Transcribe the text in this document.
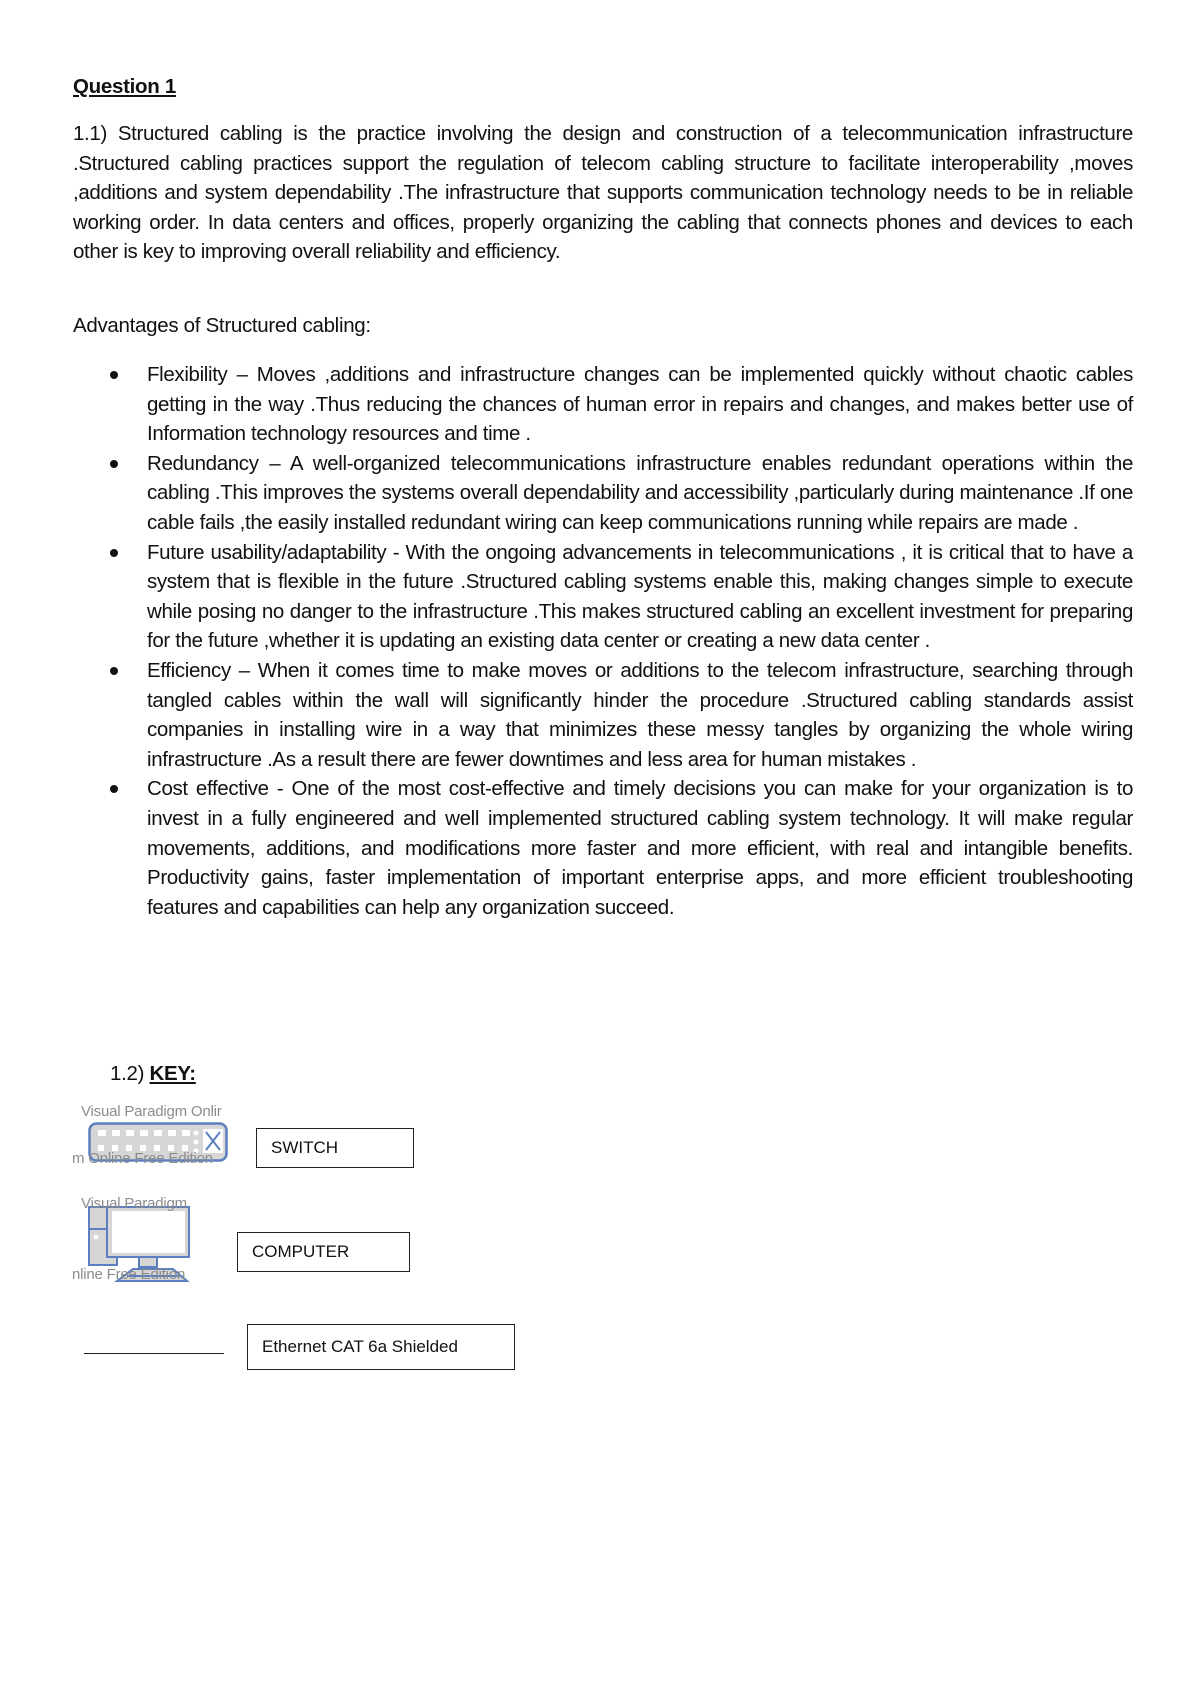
Question 1

1.1) Structured cabling is the practice involving the design and construction of a telecommunication infrastructure .Structured cabling practices support the regulation of telecom cabling structure to facilitate interoperability ,moves ,additions and system dependability .The infrastructure that supports communication technology needs to be in reliable working order. In data centers and offices, properly organizing the cabling that connects phones and devices to each other is key to improving overall reliability and efficiency.

Advantages of Structured cabling:
Flexibility – Moves ,additions and infrastructure changes can be implemented quickly without chaotic cables getting in the way .Thus reducing the chances of human error in repairs and changes, and makes better use of Information technology resources and time .
Redundancy – A well-organized telecommunications infrastructure enables redundant operations within the cabling .This improves the systems overall dependability and accessibility ,particularly during maintenance .If one cable fails ,the easily installed redundant wiring can keep communications running while repairs are made .
Future usability/adaptability - With the ongoing advancements in telecommunications , it is critical that to have a system that is flexible in the future .Structured cabling systems enable this, making changes simple to execute while posing no danger to the infrastructure .This makes structured cabling an excellent investment for preparing for the future ,whether it is updating an existing data center or creating a new data center .
Efficiency – When it comes time to make moves or additions to the telecom infrastructure, searching through tangled cables within the wall will significantly hinder the procedure .Structured cabling standards assist companies in installing wire in a way that minimizes these messy tangles by organizing the whole wiring infrastructure .As a result there are fewer downtimes and less area for human mistakes .
Cost effective - One of the most cost-effective and timely decisions you can make for your organization is to invest in a fully engineered and well implemented structured cabling system technology. It will make regular movements, additions, and modifications more faster and more efficient, with real and intangible benefits. Productivity gains, faster implementation of important enterprise apps, and more efficient troubleshooting features and capabilities can help any organization succeed.
1.2) KEY:
Visual Paradigm Onlir
m Online Free Edition
SWITCH
Visual Paradigm
nline Free Edition
COMPUTER
Ethernet CAT 6a Shielded
